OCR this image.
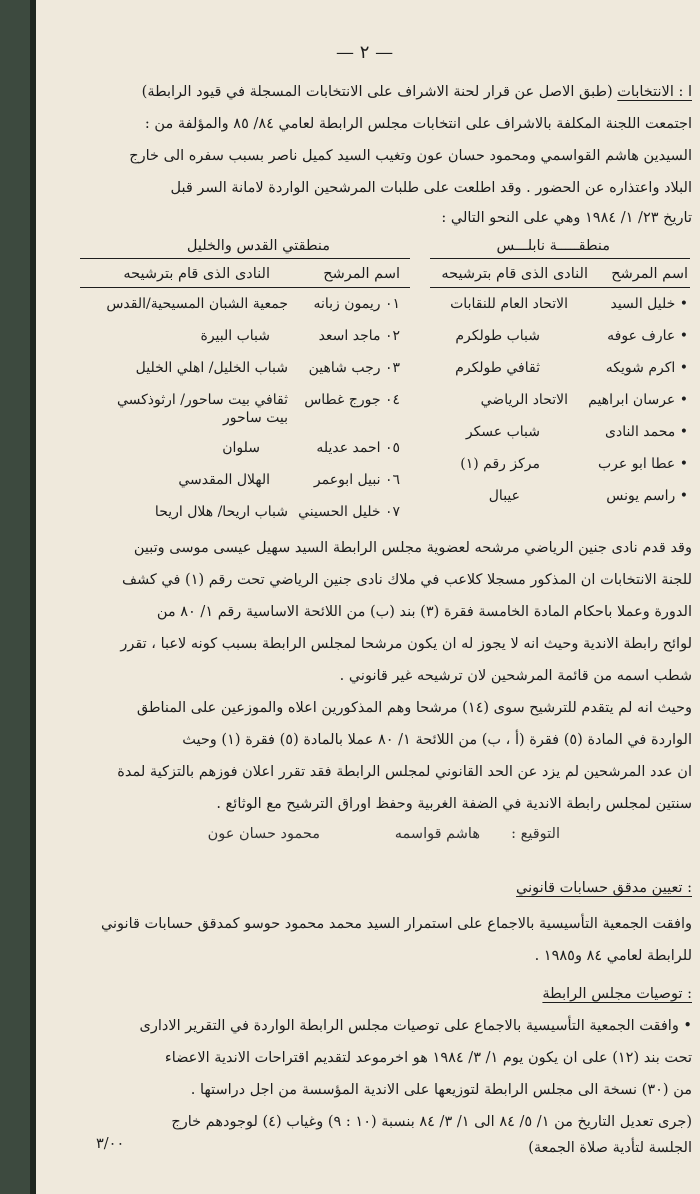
— ٢ —
ا : الانتخابات (طبق الاصل عن قرار لحنة الاشراف على الانتخابات المسجلة في قيود الرابطة)
اجتمعت اللجنة المكلفة بالاشراف على انتخابات مجلس الرابطة لعامي ٨٤/ ٨٥ والمؤلفة من :
السيدين هاشم القواسمي ومحمود حسان عون وتغيب السيد كميل ناصر بسبب سفره الى خارج
البلاد واعتذاره عن الحضور . وقد اطلعت على طلبات المرشحين الواردة لامانة السر قبل
تاريخ ٢٣/ ١/ ١٩٨٤ وهي على النحو التالي :
منطقـــــة نابلـــس
منطقتي القدس والخليل
اسم المرشح
النادى الذى قام بترشيحه
اسم المرشح
النادى الذى قام بترشيحه
• خليل السيد
الاتحاد العام للنقابات
• عارف عوفه
شباب طولكرم
• اكرم شويكه
ثقافي طولكرم
• عرسان ابراهيم
الاتحاد الرياضي
• محمد النادى
شباب عسكر
• عطا ابو عرب
مركز رقم (١)
• راسم يونس
عيبال
٠١ ريمون زبانه
جمعية الشبان المسيحية/القدس
٠٢ ماجد اسعد
شباب البيرة
٠٣ رجب شاهين
شباب الخليل/ اهلي الخليل
٠٤ جورج غطاس
ثقافي بيت ساحور/ ارثوذكسي
بيت ساحور
٠٥ احمد عديله
سلوان
٠٦ نبيل ابوعمر
الهلال المقدسي
٠٧ خليل الحسيني
شباب اريحا/ هلال اريحا
وقد قدم نادى جنين الرياضي مرشحه لعضوية مجلس الرابطة السيد سهيل عيسى موسى وتبين
للجنة الانتخابات ان المذكور مسجلا كلاعب في ملاك نادى جنين الرياضي تحت رقم (١) في كشف
الدورة وعملا باحكام المادة الخامسة فقرة (٣) بند (ب) من اللائحة الاساسية رقم ١/ ٨٠ من
لوائح رابطة الاندية وحيث انه لا يجوز له ان يكون مرشحا لمجلس الرابطة بسبب كونه لاعبا ، تقرر
شطب اسمه من قائمة المرشحين لان ترشيحه غير قانوني .
وحيث انه لم يتقدم للترشيح سوى (١٤) مرشحا وهم المذكورين اعلاه والموزعين على المناطق
الواردة في المادة (٥) فقرة (أ ، ب) من اللائحة ١/ ٨٠ عملا بالمادة (٥) فقرة (١) وحيث
ان عدد المرشحين لم يزد عن الحد القانوني لمجلس الرابطة فقد تقرر اعلان فوزهم بالتزكية لمدة
سنتين لمجلس رابطة الاندية في الضفة الغربية وحفظ اوراق الترشيح مع الوثائع .
التوقيع :
هاشم قواسمه
محمود حسان عون
: تعيين مدقق حسابات قانوني
وافقت الجمعية التأسيسية بالاجماع على استمرار السيد محمد محمود حوسو كمدقق حسابات قانوني
للرابطة لعامي ٨٤ و١٩٨٥ .
: توصيات مجلس الرابطة
• وافقت الجمعية التأسيسية بالاجماع على توصيات مجلس الرابطة الواردة في التقرير الادارى
تحت بند (١٢) على ان يكون يوم ١/ ٣/ ١٩٨٤ هو اخرموعد لتقديم اقتراحات الاندية الاعضاء
من (٣٠) نسخة الى مجلس الرابطة لتوزيعها على الاندية المؤسسة من اجل دراستها .
(جرى تعديل التاريخ من ١/ ٥/ ٨٤ الى ١/ ٣/ ٨٤ بنسبة (١٠ : ٩) وغياب (٤) لوجودهم خارج
الجلسة لتأدية صلاة الجمعة)
٣/٠٠
